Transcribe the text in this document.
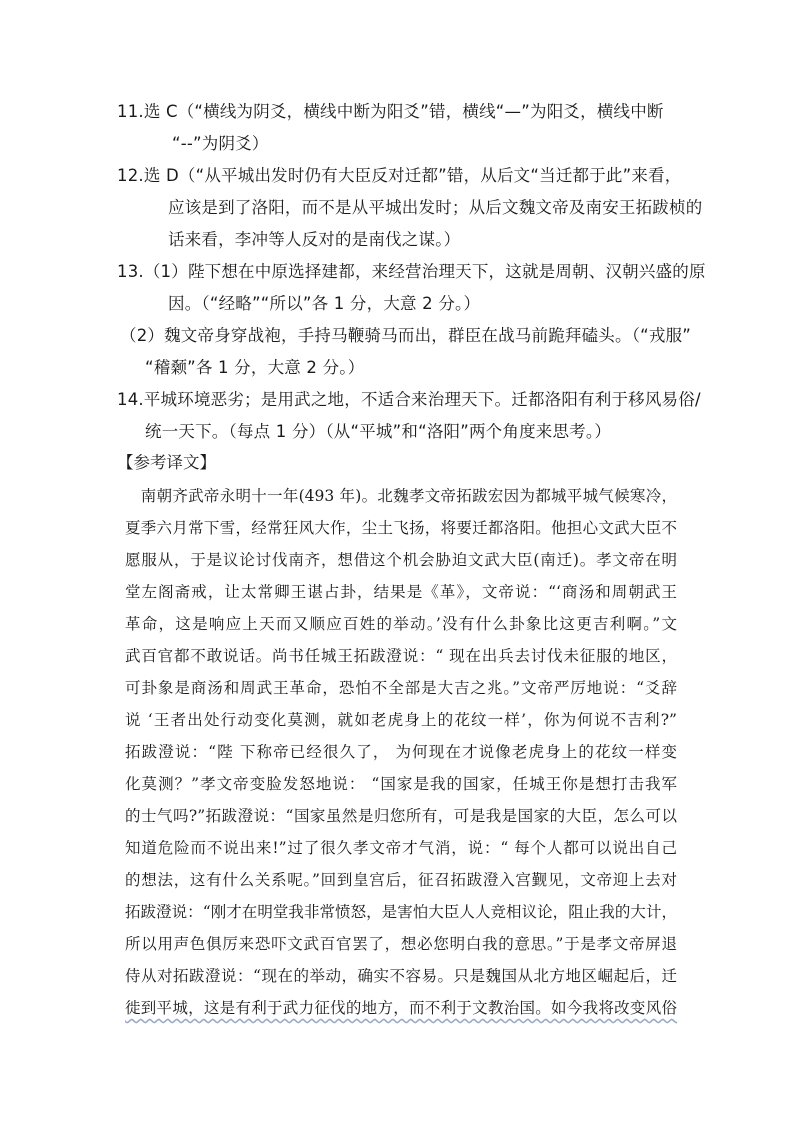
11.选 C（“横线为阴爻，横线中断为阳爻”错，横线“—”为阳爻，横线中断
“--”为阴爻）
12.选 D（“从平城出发时仍有大臣反对迁都”错，从后文“当迁都于此”来看，
应该是到了洛阳，而不是从平城出发时；从后文魏文帝及南安王拓跋桢的
话来看，李冲等人反对的是南伐之谋。）
13.（1）陛下想在中原选择建都，来经营治理天下，这就是周朝、汉朝兴盛的原
因。（“经略”“所以”各 1 分，大意 2 分。）
（2）魏文帝身穿战袍，手持马鞭骑马而出，群臣在战马前跪拜磕头。（“戎服”
“稽颡”各 1 分，大意 2 分。）
14.平城环境恶劣；是用武之地，不适合来治理天下。迁都洛阳有利于移风易俗/
统一天下。（每点 1 分）（从“平城”和“洛阳”两个角度来思考。）
【参考译文】
　南朝齐武帝永明十一年(493 年)。北魏孝文帝拓跋宏因为都城平城气候寒冷，
夏季六月常下雪，经常狂风大作，尘土飞扬，将要迁都洛阳。他担心文武大臣不
愿服从，于是议论讨伐南齐，想借这个机会胁迫文武大臣(南迁)。孝文帝在明
堂左阁斋戒，让太常卿王谌占卦，结果是《革》，文帝说：“‘商汤和周朝武王
革命，这是响应上天而又顺应百姓的举动。’没有什么卦象比这更吉利啊。”文
武百官都不敢说话。尚书任城王拓跋澄说：“ 现在出兵去讨伐未征服的地区，
可卦象是商汤和周武王革命，恐怕不全部是大吉之兆。”文帝严厉地说：“爻辞
说 ‘王者出处行动变化莫测，就如老虎身上的花纹一样’，你为何说不吉利?”
拓跋澄说：“陛 下称帝已经很久了， 为何现在才说像老虎身上的花纹一样变
化莫测？”孝文帝变脸发怒地说： “国家是我的国家，任城王你是想打击我军
的士气吗?”拓跋澄说：“国家虽然是归您所有，可是我是国家的大臣，怎么可以
知道危险而不说出来!”过了很久孝文帝才气消，说：“ 每个人都可以说出自己
的想法，这有什么关系呢。”回到皇宫后，征召拓跋澄入宫觐见，文帝迎上去对
拓跋澄说：“刚才在明堂我非常愤怒，是害怕大臣人人竞相议论，阻止我的大计，
所以用声色俱厉来恐吓文武百官罢了，想必您明白我的意思。”于是孝文帝屏退
侍从对拓跋澄说：“现在的举动，确实不容易。只是魏国从北方地区崛起后，迁
徙到平城，这是有利于武力征伐的地方，而不利于文教治国。如今我将改变风俗
